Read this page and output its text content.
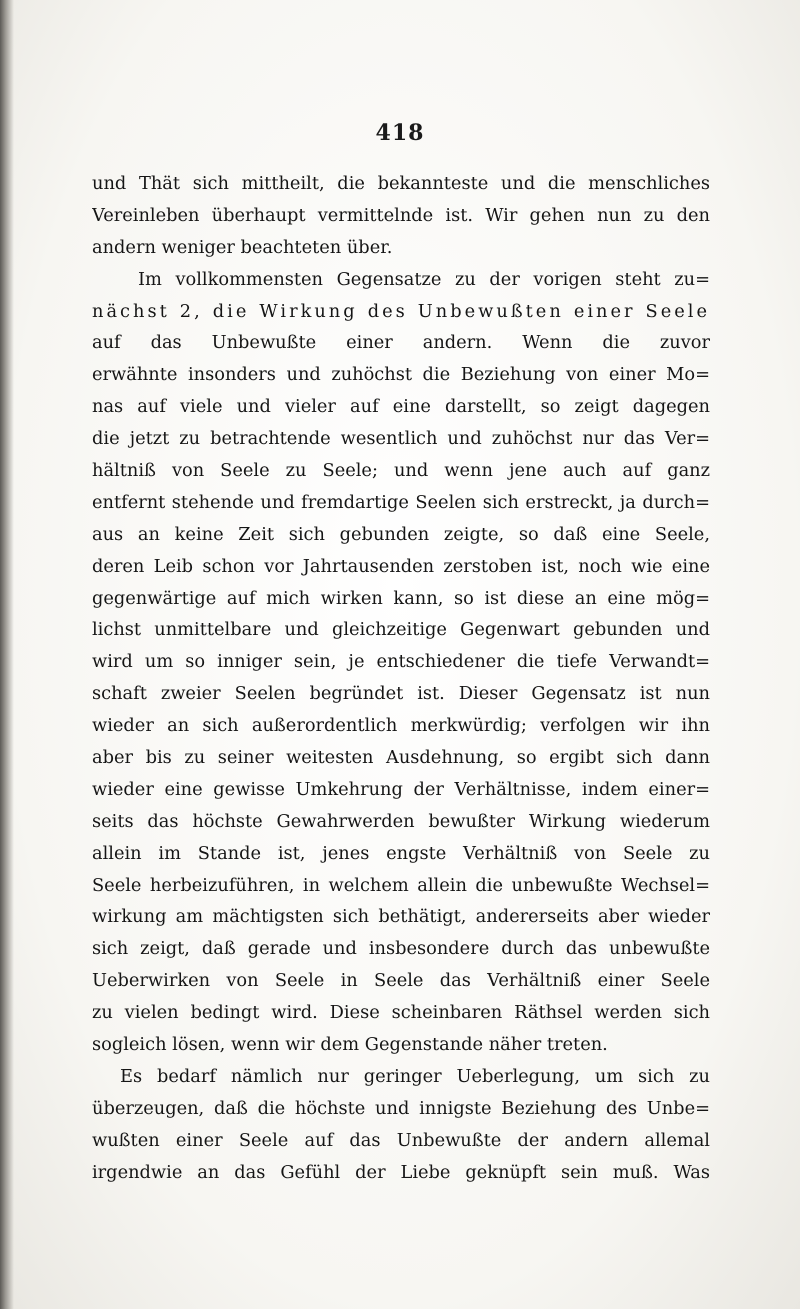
418
und Thät sich mittheilt, die bekannteste und die menschliches
Vereinleben überhaupt vermittelnde ist. Wir gehen nun zu den
andern weniger beachteten über.
Im vollkommensten Gegensatze zu der vorigen steht zu=
nächst 2, die Wirkung des Unbewußten einer Seele
auf das Unbewußte einer andern. Wenn die zuvor
erwähnte insonders und zuhöchst die Beziehung von einer Mo=
nas auf viele und vieler auf eine darstellt, so zeigt dagegen
die jetzt zu betrachtende wesentlich und zuhöchst nur das Ver=
hältniß von Seele zu Seele; und wenn jene auch auf ganz
entfernt stehende und fremdartige Seelen sich erstreckt, ja durch=
aus an keine Zeit sich gebunden zeigte, so daß eine Seele,
deren Leib schon vor Jahrtausenden zerstoben ist, noch wie eine
gegenwärtige auf mich wirken kann, so ist diese an eine mög=
lichst unmittelbare und gleichzeitige Gegenwart gebunden und
wird um so inniger sein, je entschiedener die tiefe Verwandt=
schaft zweier Seelen begründet ist. Dieser Gegensatz ist nun
wieder an sich außerordentlich merkwürdig; verfolgen wir ihn
aber bis zu seiner weitesten Ausdehnung, so ergibt sich dann
wieder eine gewisse Umkehrung der Verhältnisse, indem einer=
seits das höchste Gewahrwerden bewußter Wirkung wiederum
allein im Stande ist, jenes engste Verhältniß von Seele zu
Seele herbeizuführen, in welchem allein die unbewußte Wechsel=
wirkung am mächtigsten sich bethätigt, andererseits aber wieder
sich zeigt, daß gerade und insbesondere durch das unbewußte
Ueberwirken von Seele in Seele das Verhältniß einer Seele
zu vielen bedingt wird. Diese scheinbaren Räthsel werden sich
sogleich lösen, wenn wir dem Gegenstande näher treten.
Es bedarf nämlich nur geringer Ueberlegung, um sich zu
überzeugen, daß die höchste und innigste Beziehung des Unbe=
wußten einer Seele auf das Unbewußte der andern allemal
irgendwie an das Gefühl der Liebe geknüpft sein muß. Was
